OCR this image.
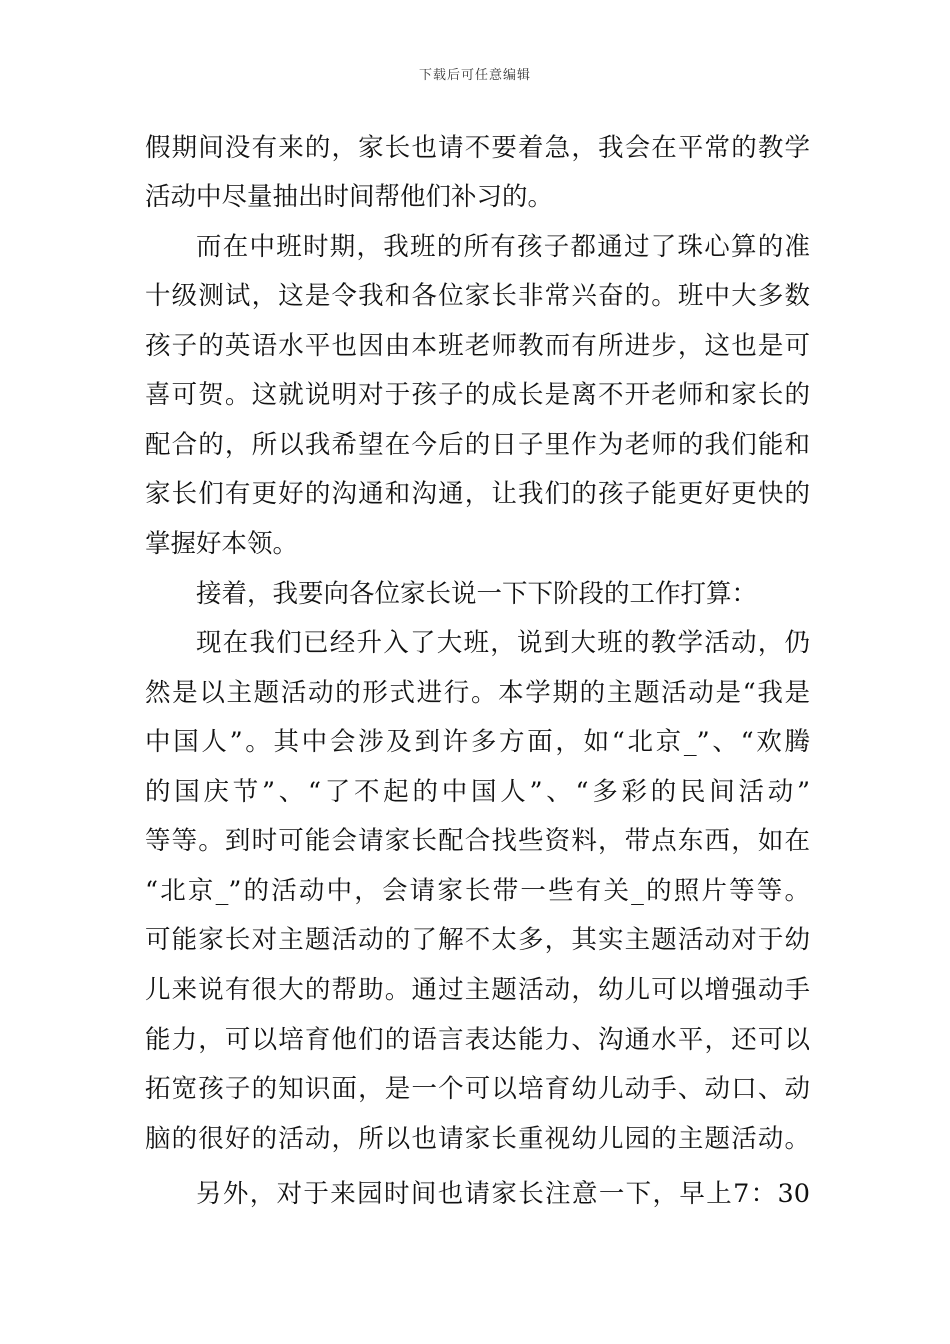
下载后可任意编辑
假期间没有来的，家长也请不要着急，我会在平常的教学
活动中尽量抽出时间帮他们补习的。
而在中班时期，我班的所有孩子都通过了珠心算的准
十级测试，这是令我和各位家长非常兴奋的。班中大多数
孩子的英语水平也因由本班老师教而有所进步，这也是可
喜可贺。这就说明对于孩子的成长是离不开老师和家长的
配合的，所以我希望在今后的日子里作为老师的我们能和
家长们有更好的沟通和沟通，让我们的孩子能更好更快的
掌握好本领。
接着，我要向各位家长说一下下阶段的工作打算：
现在我们已经升入了大班，说到大班的教学活动，仍
然是以主题活动的形式进行。本学期的主题活动是“我是
中国人”。其中会涉及到许多方面，如“北京_”、“欢腾
的国庆节”、“了不起的中国人”、“多彩的民间活动”
等等。到时可能会请家长配合找些资料，带点东西，如在
“北京_”的活动中，会请家长带一些有关_的照片等等。
可能家长对主题活动的了解不太多，其实主题活动对于幼
儿来说有很大的帮助。通过主题活动，幼儿可以增强动手
能力，可以培育他们的语言表达能力、沟通水平，还可以
拓宽孩子的知识面，是一个可以培育幼儿动手、动口、动
脑的很好的活动，所以也请家长重视幼儿园的主题活动。
另外，对于来园时间也请家长注意一下，早上7：30
